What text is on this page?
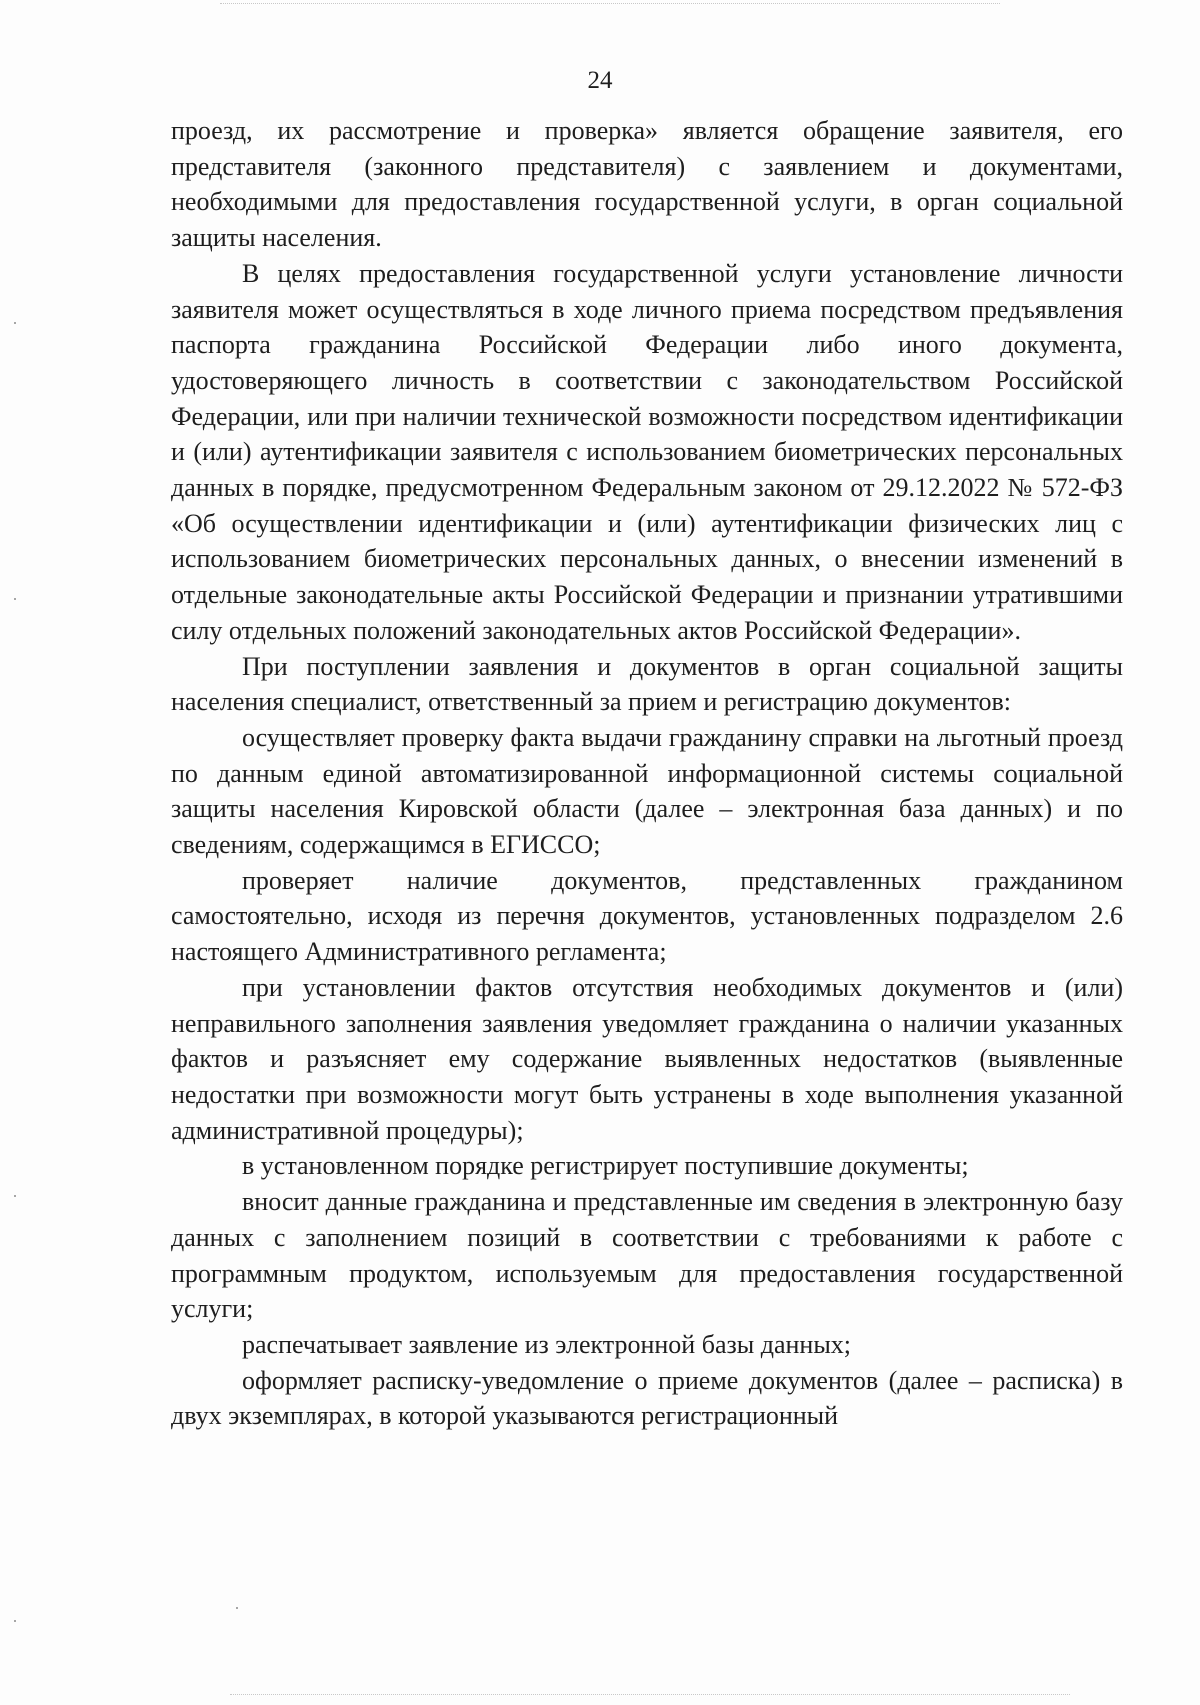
24

проезд, их рассмотрение и проверка» является обращение заявителя, его представителя (законного представителя) с заявлением и документами, необходимыми для предоставления государственной услуги, в орган социальной защиты населения.

В целях предоставления государственной услуги установление личности заявителя может осуществляться в ходе личного приема посредством предъявления паспорта гражданина Российской Федерации либо иного документа, удостоверяющего личность в соответствии с законодательством Российской Федерации, или при наличии технической возможности посредством идентификации и (или) аутентификации заявителя с использованием биометрических персональных данных в порядке, предусмотренном Федеральным законом от 29.12.2022 № 572-ФЗ «Об осуществлении идентификации и (или) аутентификации физических лиц с использованием биометрических персональных данных, о внесении изменений в отдельные законодательные акты Российской Федерации и признании утратившими силу отдельных положений законодательных актов Российской Федерации».

При поступлении заявления и документов в орган социальной защиты населения специалист, ответственный за прием и регистрацию документов:

осуществляет проверку факта выдачи гражданину справки на льготный проезд по данным единой автоматизированной информационной системы социальной защиты населения Кировской области (далее – электронная база данных) и по сведениям, содержащимся в ЕГИССО;

проверяет наличие документов, представленных гражданином самостоятельно, исходя из перечня документов, установленных подразделом 2.6 настоящего Административного регламента;

при установлении фактов отсутствия необходимых документов и (или) неправильного заполнения заявления уведомляет гражданина о наличии указанных фактов и разъясняет ему содержание выявленных недостатков (выявленные недостатки при возможности могут быть устранены в ходе выполнения указанной административной процедуры);

в установленном порядке регистрирует поступившие документы;

вносит данные гражданина и представленные им сведения в электронную базу данных с заполнением позиций в соответствии с требованиями к работе с программным продуктом, используемым для предоставления государственной услуги;

распечатывает заявление из электронной базы данных;

оформляет расписку-уведомление о приеме документов (далее – расписка) в двух экземплярах, в которой указываются регистрационный
